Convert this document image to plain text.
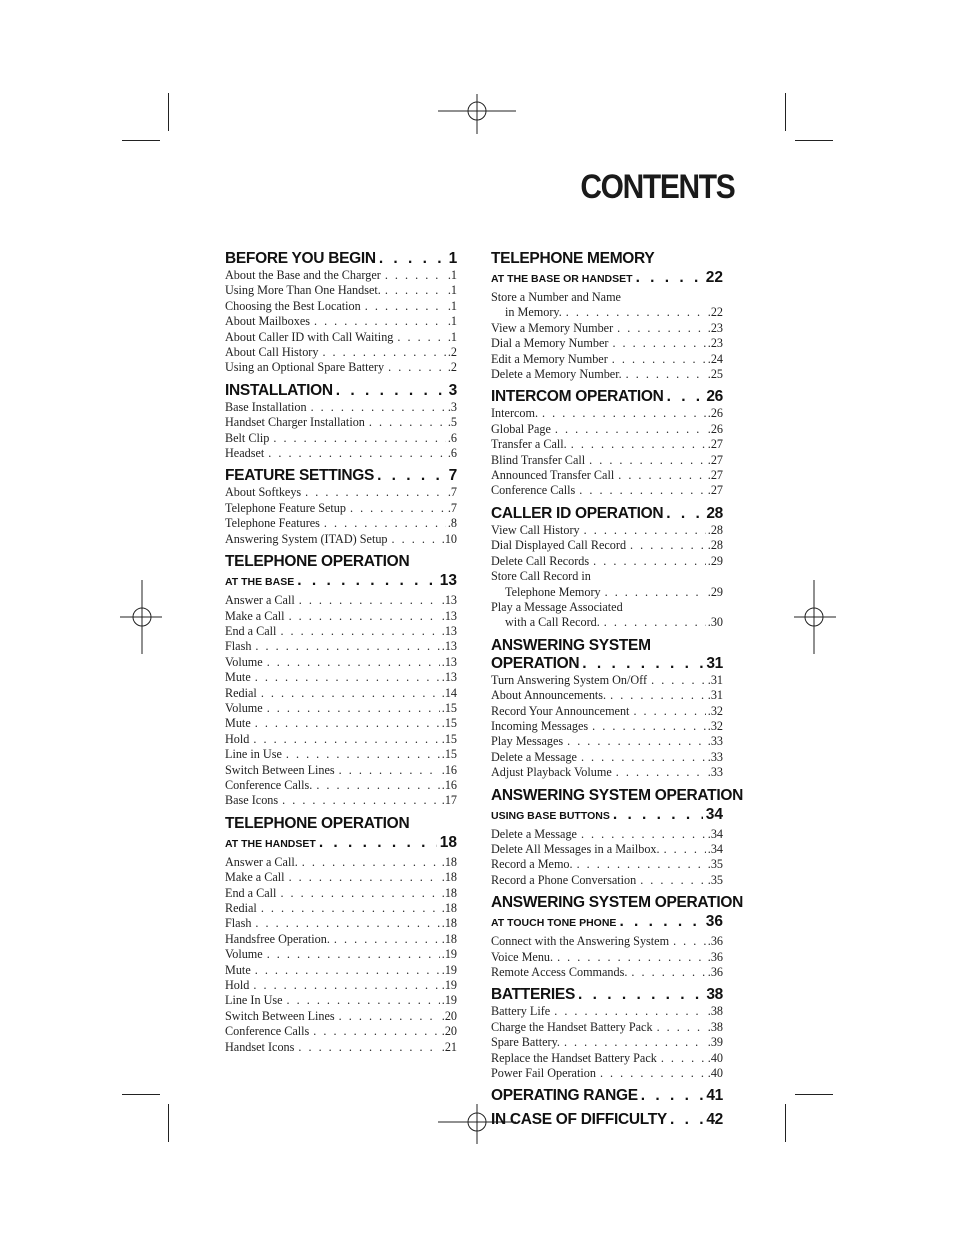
CONTENTS
BEFORE YOU BEGIN . . .	1
About the Base and the Charger . . .	.1
Using More Than One Handset. . . .	.1
Choosing the Best Location . . .	.1
About Mailboxes . . .	.1
About Caller ID with Call Waiting . . .	.1
About Call History . . .	.2
Using an Optional Spare Battery . . .	.2
INSTALLATION . . .	3
Base Installation . . .	.3
Handset Charger Installation . . .	.5
Belt Clip . . .	.6
Headset . . .	.6
FEATURE SETTINGS . . .	7
About Softkeys . . .	.7
Telephone Feature Setup . . .	.7
Telephone Features . . .	.8
Answering System (ITAD) Setup . . .	.10
TELEPHONE OPERATION
AT THE BASE . . .	13
Answer a Call . . .	.13
Make a Call . . .	.13
End a Call . . .	.13
Flash . . .	.13
Volume . . .	.13
Mute . . .	.13
Redial . . .	.14
Volume . . .	.15
Mute . . .	.15
Hold . . .	.15
Line in Use . . .	.15
Switch Between Lines . . .	.16
Conference Calls. . . .	.16
Base Icons . . .	.17
TELEPHONE OPERATION
AT THE HANDSET . . .	18
Answer a Call. . . .	.18
Make a Call . . .	.18
End a Call . . .	.18
Redial . . .	.18
Flash . . .	.18
Handsfree Operation. . . .	.18
Volume . . .	.19
Mute . . .	.19
Hold . . .	.19
Line In Use . . .	.19
Switch Between Lines . . .	.20
Conference Calls . . .	.20
Handset Icons . . .	.21
TELEPHONE MEMORY
AT THE BASE OR HANDSET . . .	22
Store a Number and Name
in Memory. . . .	.22
View a Memory Number . . .	.23
Dial a Memory Number . . .	.23
Edit a Memory Number . . .	.24
Delete a Memory Number. . . .	.25
INTERCOM OPERATION . . .	26
Intercom. . . .	.26
Global Page . . .	.26
Transfer a Call. . . .	.27
Blind Transfer Call . . .	.27
Announced Transfer Call . . .	.27
Conference Calls . . .	.27
CALLER ID OPERATION . . .	28
View Call History . . .	.28
Dial Displayed Call Record . . .	.28
Delete Call Records . . .	.29
Store Call Record in
Telephone Memory . . .	.29
Play a Message Associated
with a Call Record. . . .	.30
ANSWERING SYSTEM
OPERATION . . .	31
Turn Answering System On/Off . . .	.31
About Announcements. . . .	.31
Record Your Announcement . . .	.32
Incoming Messages . . .	.32
Play Messages . . .	.33
Delete a Message . . .	.33
Adjust Playback Volume . . .	.33
ANSWERING SYSTEM OPERATION
USING BASE BUTTONS . . .	34
Delete a Message . . .	.34
Delete All Messages in a Mailbox. . . .	.34
Record a Memo. . . .	.35
Record a Phone Conversation . . .	.35
ANSWERING SYSTEM OPERATION
AT TOUCH TONE PHONE . . .	36
Connect with the Answering System . . .	.36
Voice Menu. . . .	.36
Remote Access Commands. . . .	.36
BATTERIES . . .	38
Battery Life . . .	.38
Charge the Handset Battery Pack . . .	.38
Spare Battery. . . .	.39
Replace the Handset Battery Pack . . .	.40
Power Fail Operation . . .	.40
OPERATING RANGE . . .	41
IN CASE OF DIFFICULTY . . .	42
